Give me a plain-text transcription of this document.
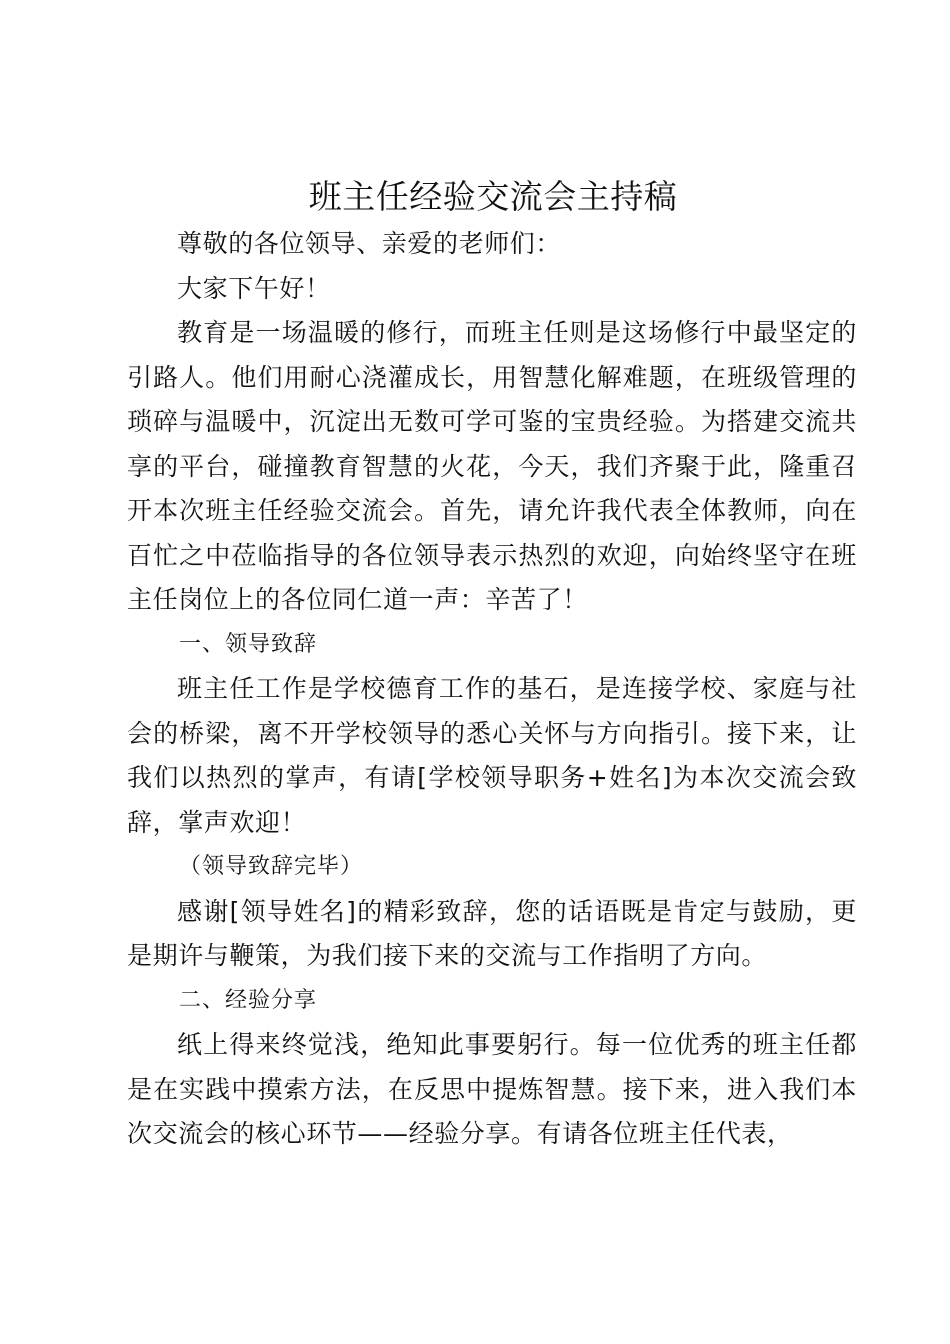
班主任经验交流会主持稿

尊敬的各位领导、亲爱的老师们：

大家下午好！

教育是一场温暖的修行，而班主任则是这场修行中最坚定的引路人。他们用耐心浇灌成长，用智慧化解难题，在班级管理的琐碎与温暖中，沉淀出无数可学可鉴的宝贵经验。为搭建交流共享的平台，碰撞教育智慧的火花，今天，我们齐聚于此，隆重召开本次班主任经验交流会。首先，请允许我代表全体教师，向在百忙之中莅临指导的各位领导表示热烈的欢迎，向始终坚守在班主任岗位上的各位同仁道一声：辛苦了！

一、领导致辞

班主任工作是学校德育工作的基石，是连接学校、家庭与社会的桥梁，离不开学校领导的悉心关怀与方向指引。接下来，让我们以热烈的掌声，有请[学校领导职务+姓名]为本次交流会致辞，掌声欢迎！

（领导致辞完毕）

感谢[领导姓名]的精彩致辞，您的话语既是肯定与鼓励，更是期许与鞭策，为我们接下来的交流与工作指明了方向。

二、经验分享

纸上得来终觉浅，绝知此事要躬行。每一位优秀的班主任都是在实践中摸索方法，在反思中提炼智慧。接下来，进入我们本次交流会的核心环节——经验分享。有请各位班主任代表，
